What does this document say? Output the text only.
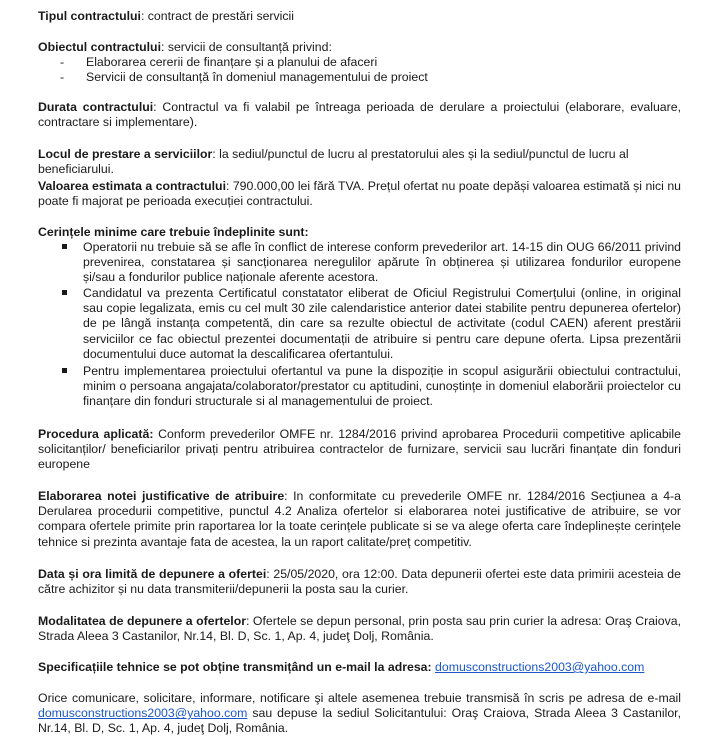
Tipul contractului: contract de prestări servicii

Obiectul contractului: servicii de consultanță privind:

- Elaborarea cererii de finanțare și a planului de afaceri
- Servicii de consultanță în domeniul managementului de proiect

Durata contractului: Contractul va fi valabil pe întreaga perioada de derulare a proiectului (elaborare, evaluare, contractare si implementare).

Locul de prestare a serviciilor: la sediul/punctul de lucru al prestatorului ales și la sediul/punctul de lucru al beneficiarului.

Valoarea estimata a contractului: 790.000,00 lei fără TVA. Prețul ofertat nu poate depăși valoarea estimată și nici nu poate fi majorat pe perioada execuției contractului.

Cerințele minime care trebuie îndeplinite sunt:

Operatorii nu trebuie să se afle în conflict de interese conform prevederilor art. 14-15 din OUG 66/2011 privind prevenirea, constatarea și sancționarea neregulilor apărute în obținerea și utilizarea fondurilor europene și/sau a fondurilor publice naționale aferente acestora.
Candidatul va prezenta Certificatul constatator eliberat de Oficiul Registrului Comerțului (online, in original sau copie legalizata, emis cu cel mult 30 zile calendaristice anterior datei stabilite pentru depunerea ofertelor) de pe lângă instanța competentă, din care sa rezulte obiectul de activitate (codul CAEN) aferent prestării serviciilor ce fac obiectul prezentei documentații de atribuire si pentru care depune oferta. Lipsa prezentării documentului duce automat la descalificarea ofertantului.
Pentru implementarea proiectului ofertantul va pune la dispoziție in scopul asigurării obiectului contractului, minim o persoana angajata/colaborator/prestator cu aptitudini, cunoștințe in domeniul elaborării proiectelor cu finanțare din fonduri structurale si al managementului de proiect.

Procedura aplicată: Conform prevederilor OMFE nr. 1284/2016 privind aprobarea Procedurii competitive aplicabile solicitanților/ beneficiarilor privați pentru atribuirea contractelor de furnizare, servicii sau lucrări finanțate din fonduri europene

Elaborarea notei justificative de atribuire: In conformitate cu prevederile OMFE nr. 1284/2016 Secțiunea a 4-a Derularea procedurii competitive, punctul 4.2 Analiza ofertelor si elaborarea notei justificative de atribuire, se vor compara ofertele primite prin raportarea lor la toate cerințele publicate si se va alege oferta care îndeplinește cerințele tehnice si prezinta avantaje fata de acestea, la un raport calitate/preț competitiv.

Data și ora limită de depunere a ofertei: 25/05/2020, ora 12:00. Data depunerii ofertei este data primirii acesteia de către achizitor și nu data transmiterii/depunerii la posta sau la curier.

Modalitatea de depunere a ofertelor: Ofertele se depun personal, prin posta sau prin curier la adresa: Oraş Craiova, Strada Aleea 3 Castanilor, Nr.14, Bl. D, Sc. 1, Ap. 4, judeţ Dolj, România.

Specificațiile tehnice se pot obține transmițând un e-mail la adresa: domusconstructions2003@yahoo.com

Orice comunicare, solicitare, informare, notificare şi altele asemenea trebuie transmisă în scris pe adresa de e-mail domusconstructions2003@yahoo.com sau depuse la sediul Solicitantului: Oraş Craiova, Strada Aleea 3 Castanilor, Nr.14, Bl. D, Sc. 1, Ap. 4, judeţ Dolj, România.
